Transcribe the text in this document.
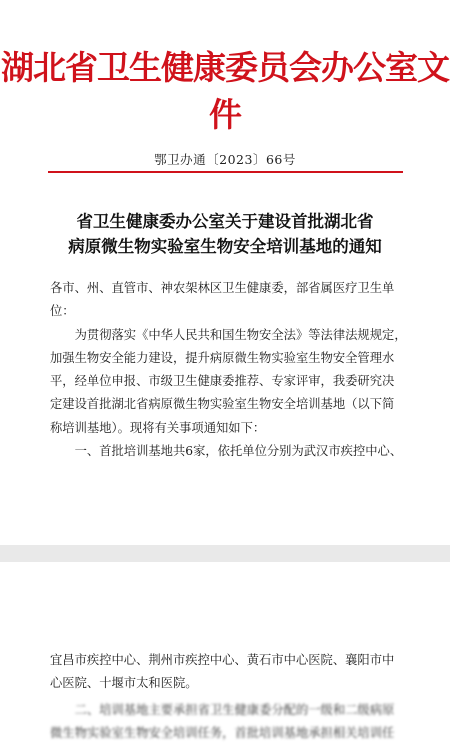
湖北省卫生健康委员会办公室文件
鄂卫办通〔2023〕66号
省卫生健康委办公室关于建设首批湖北省
病原微生物实验室生物安全培训基地的通知
各市、州、直管市、神农架林区卫生健康委，部省属医疗卫生单
位：
　　为贯彻落实《中华人民共和国生物安全法》等法律法规规定，
加强生物安全能力建设，提升病原微生物实验室生物安全管理水
平，经单位申报、市级卫生健康委推荐、专家评审，我委研究决
定建设首批湖北省病原微生物实验室生物安全培训基地（以下简
称培训基地）。现将有关事项通知如下：
　　一、首批培训基地共6家，依托单位分别为武汉市疾控中心、
宜昌市疾控中心、荆州市疾控中心、黄石市中心医院、襄阳市中
心医院、十堰市太和医院。
　　二、培训基地主要承担省卫生健康委分配的一级和二级病原
微生物实验室生物安全培训任务，首批培训基地承担相关培训任
